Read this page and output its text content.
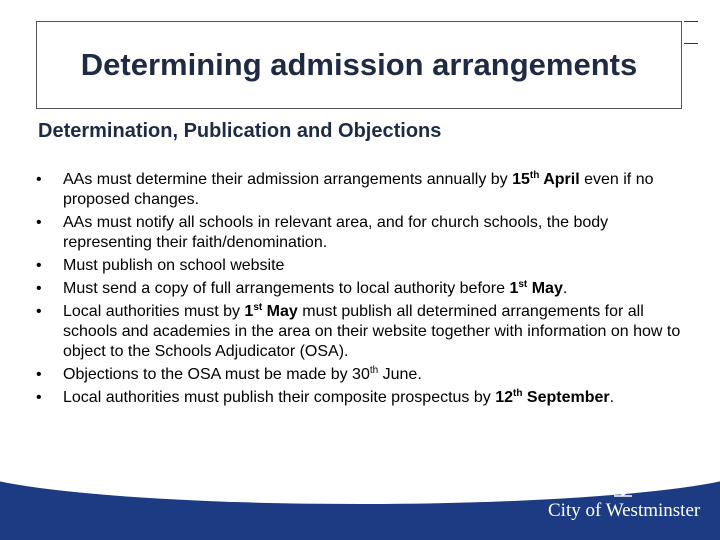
Determining admission arrangements
Determination, Publication and Objections
• AAs must determine their admission arrangements annually by 15th April even if no proposed changes.
• AAs must notify all schools in relevant area, and for church schools, the body representing their faith/denomination.
• Must publish on school website
• Must send a copy of full arrangements to local authority before 1st May.
• Local authorities must by 1st May must publish all determined arrangements for all schools and academies in the area on their website together with information on how to object to the Schools Adjudicator (OSA).
• Objections to the OSA must be made by 30th June.
• Local authorities must publish their composite prospectus by 12th September.
City of Westminster
